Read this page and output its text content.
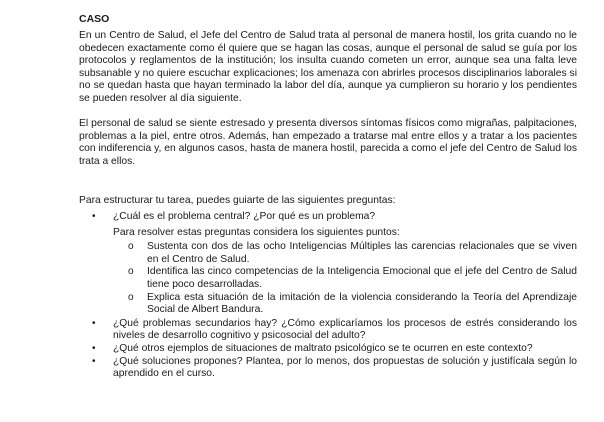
CASO

En un Centro de Salud, el Jefe del Centro de Salud trata al personal de manera hostil, los grita cuando no le obedecen exactamente como él quiere que se hagan las cosas, aunque el personal de salud se guía por los protocolos y reglamentos de la institución; los insulta cuando cometen un error, aunque sea una falta leve subsanable y no quiere escuchar explicaciones; los amenaza con abrirles procesos disciplinarios laborales si no se quedan hasta que hayan terminado la labor del día, aunque ya cumplieron su horario y los pendientes se pueden resolver al día siguiente.

El personal de salud se siente estresado y presenta diversos síntomas físicos como migrañas, palpitaciones, problemas a la piel, entre otros. Además, han empezado a tratarse mal entre ellos y a tratar a los pacientes con indiferencia y, en algunos casos, hasta de manera hostil, parecida a como el jefe del Centro de Salud los trata a ellos.

Para estructurar tu tarea, puedes guiarte de las siguientes preguntas:

• ¿Cuál es el problema central? ¿Por qué es un problema?
Para resolver estas preguntas considera los siguientes puntos:
o Sustenta con dos de las ocho Inteligencias Múltiples las carencias relacionales que se viven en el Centro de Salud.
o Identifica las cinco competencias de la Inteligencia Emocional que el jefe del Centro de Salud tiene poco desarrolladas.
o Explica esta situación de la imitación de la violencia considerando la Teoría del Aprendizaje Social de Albert Bandura.
• ¿Qué problemas secundarios hay? ¿Cómo explicaríamos los procesos de estrés considerando los niveles de desarrollo cognitivo y psicosocial del adulto?
• ¿Qué otros ejemplos de situaciones de maltrato psicológico se te ocurren en este contexto?
• ¿Qué soluciones propones? Plantea, por lo menos, dos propuestas de solución y justifícala según lo aprendido en el curso.
